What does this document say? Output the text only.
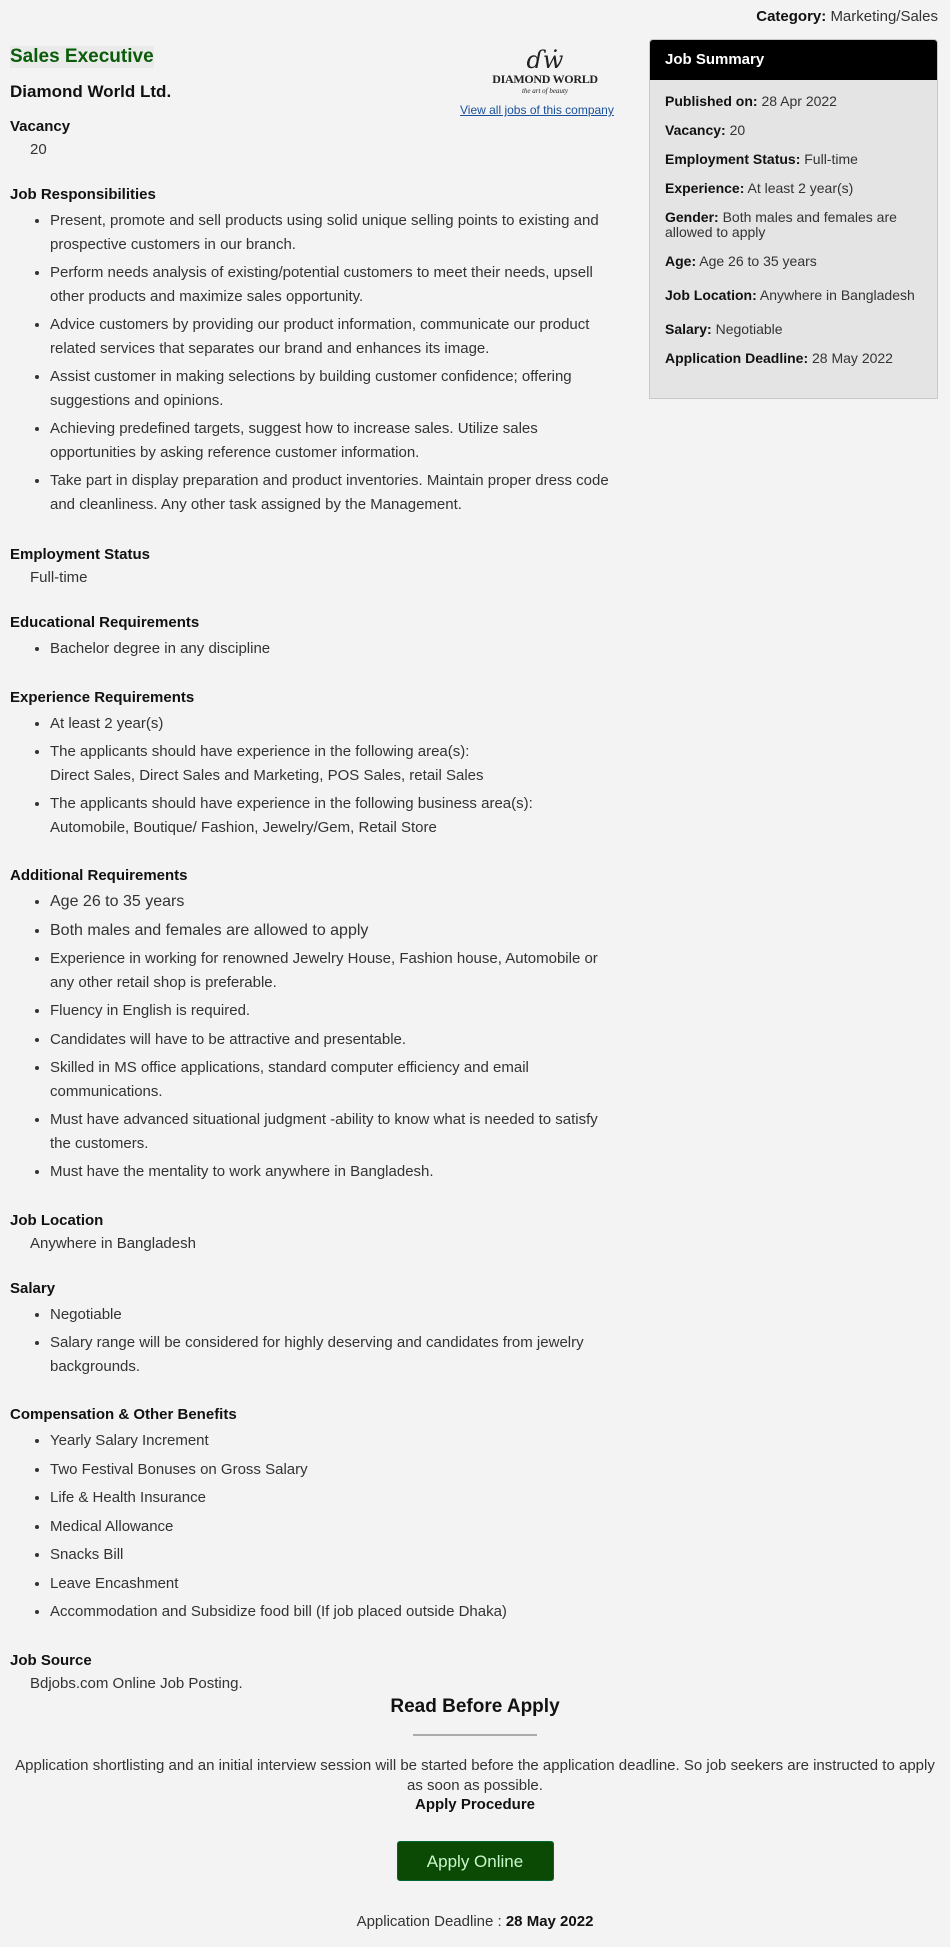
Category: Marketing/Sales
Sales Executive
Diamond World Ltd.
ɗẇ
DIAMOND WORLD
the art of beauty
View all jobs of this company
Vacancy
20
Job Responsibilities
• Present, promote and sell products using solid unique selling points to existing and prospective customers in our branch.
• Perform needs analysis of existing/potential customers to meet their needs, upsell other products and maximize sales opportunity.
• Advice customers by providing our product information, communicate our product related services that separates our brand and enhances its image.
• Assist customer in making selections by building customer confidence; offering suggestions and opinions.
• Achieving predefined targets, suggest how to increase sales. Utilize sales opportunities by asking reference customer information.
• Take part in display preparation and product inventories. Maintain proper dress code and cleanliness. Any other task assigned by the Management.
Employment Status
Full-time
Educational Requirements
• Bachelor degree in any discipline
Experience Requirements
• At least 2 year(s)
• The applicants should have experience in the following area(s):
Direct Sales, Direct Sales and Marketing, POS Sales, retail Sales
• The applicants should have experience in the following business area(s):
Automobile, Boutique/ Fashion, Jewelry/Gem, Retail Store
Additional Requirements
• Age 26 to 35 years
• Both males and females are allowed to apply
• Experience in working for renowned Jewelry House, Fashion house, Automobile or any other retail shop is preferable.
• Fluency in English is required.
• Candidates will have to be attractive and presentable.
• Skilled in MS office applications, standard computer efficiency and email communications.
• Must have advanced situational judgment -ability to know what is needed to satisfy the customers.
• Must have the mentality to work anywhere in Bangladesh.
Job Location
Anywhere in Bangladesh
Salary
• Negotiable
• Salary range will be considered for highly deserving and candidates from jewelry backgrounds.
Compensation & Other Benefits
• Yearly Salary Increment
• Two Festival Bonuses on Gross Salary
• Life & Health Insurance
• Medical Allowance
• Snacks Bill
• Leave Encashment
• Accommodation and Subsidize food bill (If job placed outside Dhaka)
Job Source
Bdjobs.com Online Job Posting.
Job Summary

Published on: 28 Apr 2022

Vacancy: 20

Employment Status: Full-time

Experience: At least 2 year(s)

Gender: Both males and females are allowed to apply

Age: Age 26 to 35 years

Job Location: Anywhere in Bangladesh

Salary: Negotiable

Application Deadline: 28 May 2022

Read Before Apply
Application shortlisting and an initial interview session will be started before the application deadline. So job seekers are instructed to apply as soon as possible.
Apply Procedure
Apply Online
Application Deadline : 28 May 2022
